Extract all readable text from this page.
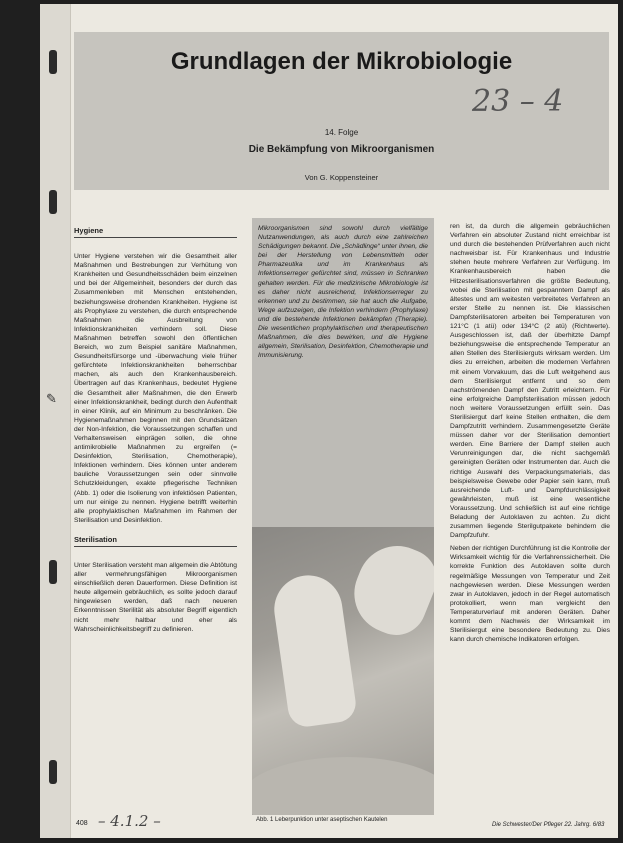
Grundlagen der Mikrobiologie
14. Folge
Die Bekämpfung von Mikroorganismen
Von G. Koppensteiner
23 – 4
Hygiene

Unter Hygiene verstehen wir die Gesamtheit aller Maßnahmen und Bestrebungen zur Verhütung von Krankheiten und Gesundheitsschäden beim einzelnen und bei der Allgemeinheit, besonders der durch das Zusammenleben mit Menschen entstehenden, beziehungsweise drohenden Krankheiten. Hygiene ist als Prophylaxe zu verstehen, die durch entsprechende Maßnahmen die Ausbreitung von Infektionskrankheiten verhindern soll. Diese Maßnahmen betreffen sowohl den öffentlichen Bereich, wo zum Beispiel sanitäre Maßnahmen, Gesundheitsfürsorge und -überwachung viele früher gefürchtete Infektionskrankheiten beherrschbar machen, als auch den Krankenhausbereich. Übertragen auf das Krankenhaus, bedeutet Hygiene die Gesamtheit aller Maßnahmen, die den Erwerb einer Infektionskrankheit, bedingt durch den Aufenthalt in einer Klinik, auf ein Minimum zu beschränken. Die Hygienemaßnahmen beginnen mit den Grundsätzen der Non-Infektion, die Voraussetzungen schaffen und Verhaltensweisen einprägen sollen, die ohne antimikrobielle Maßnahmen zu ergreifen (= Desinfektion, Sterilisation, Chemotherapie), Infektionen verhindern. Dies können unter anderem bauliche Voraussetzungen sein oder sinnvolle Schutzkleidungen, exakte pflegerische Techniken (Abb. 1) oder die Isolierung von infektiösen Patienten, um nur einige zu nennen. Hygiene betrifft weiterhin alle prophylaktischen Maßnahmen im Rahmen der Sterilisation und Desinfektion.

Sterilisation

Unter Sterilisation versteht man allgemein die Abtötung aller vermehrungsfähigen Mikroorganismen einschließlich deren Dauerformen. Diese Definition ist heute allgemein gebräuchlich, es sollte jedoch darauf hingewiesen werden, daß nach neueren Erkenntnissen Sterilität als absoluter Begriff eigentlich nicht mehr haltbar und eher als Wahrscheinlichkeitsbegriff zu definieren.

Mikroorganismen sind sowohl durch vielfältige Nutzanwendungen, als auch durch eine zahlreichen Schädigungen bekannt. Die „Schädlinge“ unter ihnen, die bei der Herstellung von Lebensmitteln oder Pharmazeutika und im Krankenhaus als Infektionserreger gefürchtet sind, müssen in Schranken gehalten werden. Für die medizinische Mikrobiologie ist es daher nicht ausreichend, Infektionserreger zu erkennen und zu bestimmen, sie hat auch die Aufgabe, Wege aufzuzeigen, die Infektion verhindern (Prophylaxe) und die bestehende Infektionen bekämpfen (Therapie). Die wesentlichen prophylaktischen und therapeutischen Maßnahmen, die dies bewirken, und die Hygiene allgemein, Sterilisation, Desinfektion, Chemotherapie und Immunisierung.
Abb. 1 Leberpunktion unter aseptischen Kautelen

ren ist, da durch die allgemein gebräuchlichen Verfahren ein absoluter Zustand nicht erreichbar ist und durch die bestehenden Prüfverfahren auch nicht nachweisbar ist. Für Krankenhaus und Industrie stehen heute mehrere Verfahren zur Verfügung. Im Krankenhausbereich haben die Hitzesterilisationsverfahren die größte Bedeutung, wobei die Sterilisation mit gespanntem Dampf als ältestes und am weitesten verbreitetes Verfahren an erster Stelle zu nennen ist. Die klassischen Dampfsterilisatoren arbeiten bei Temperaturen von 121°C (1 atü) oder 134°C (2 atü) (Richtwerte). Ausgeschlossen ist, daß der überhitzte Dampf beziehungsweise die entsprechende Temperatur an allen Stellen des Sterilisierguts wirksam werden. Um dies zu erreichen, arbeiten die modernen Verfahren mit einem Vorvakuum, das die Luft weitgehend aus dem Sterilisiergut entfernt und so dem nachströmenden Dampf den Zutritt erleichtern. Für eine erfolgreiche Dampfsterilisation müssen jedoch noch weitere Voraussetzungen erfüllt sein. Das Sterilisiergut darf keine Stellen enthalten, die dem Dampfzutritt verhindern. Zusammengesetzte Geräte müssen daher vor der Sterilisation demontiert werden. Eine Barriere der Dampf stellen auch Verunreinigungen dar, die nicht sachgemäß gereinigten Geräten oder Instrumenten dar. Auch die richtige Auswahl des Verpackungsmaterials, das beispielsweise Gewebe oder Papier sein kann, muß ausreichende Luft- und Dampfdurchlässigkeit gewährleisten, muß ist eine wesentliche Voraussetzung. Und schließlich ist auf eine richtige Beladung der Autoklaven zu achten. Zu dicht zusammen liegende Sterilgutpakete behindern die Dampfzufuhr.

Neben der richtigen Durchführung ist die Kontrolle der Wirksamkeit wichtig für die Verfahrenssicherheit. Die korrekte Funktion des Autoklaven sollte durch regelmäßige Messungen von Temperatur und Zeit nachgewiesen werden. Diese Messungen werden zwar in Autoklaven, jedoch in der Regel automatisch protokolliert, wenn man vergleicht den Temperaturverlauf mit anderen Geräten. Daher kommt dem Nachweis der Wirksamkeit im Sterilisiergut eine besondere Bedeutung zu. Dies kann durch chemische Indikatoren erfolgen.

408 – 4.1.2 –	Die Schwester/Der Pfleger 22. Jahrg. 6/83
✎
